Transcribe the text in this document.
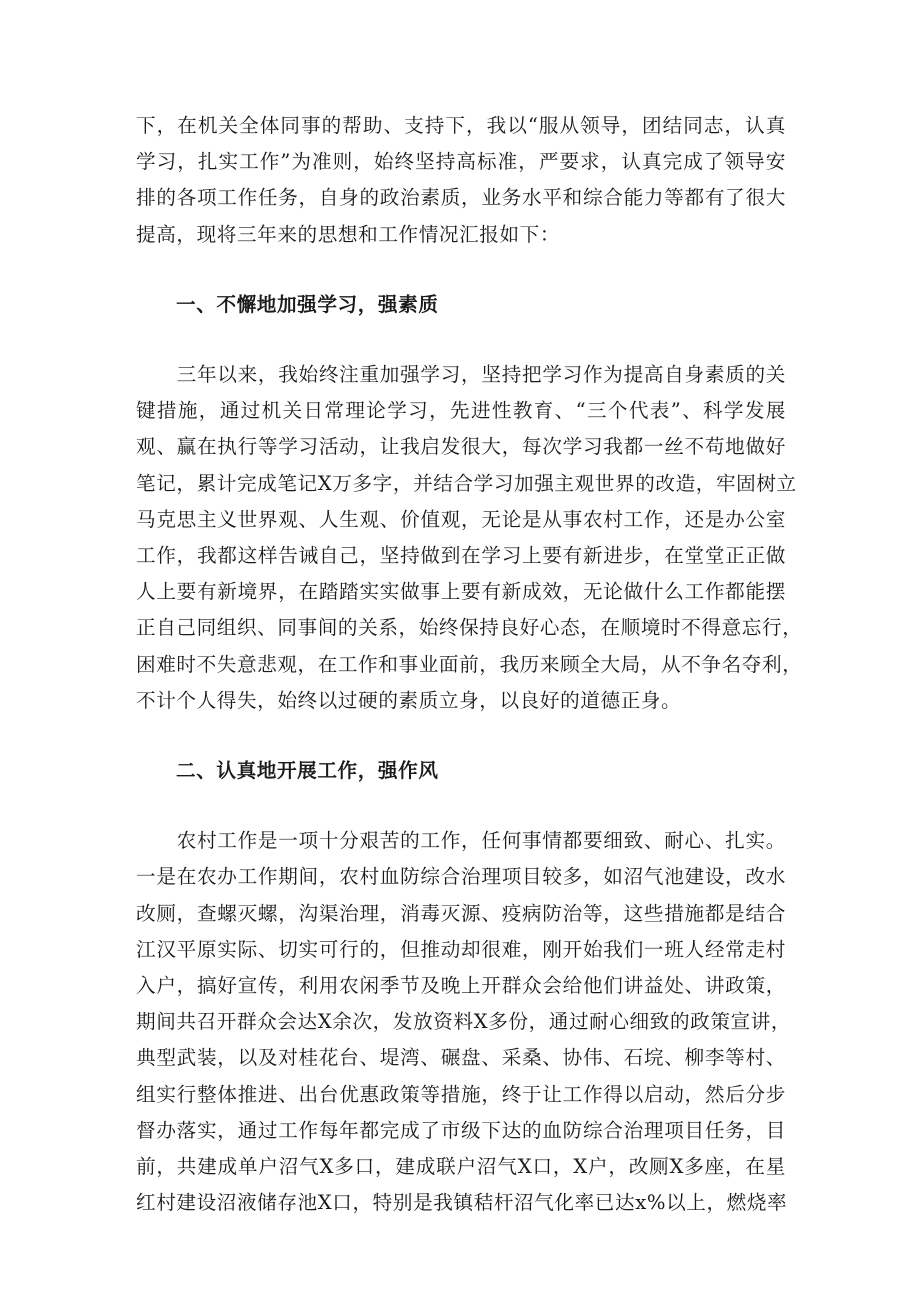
下，在机关全体同事的帮助、支持下，我以“服从领导，团结同志，认真
学习，扎实工作”为准则，始终坚持高标准，严要求，认真完成了领导安
排的各项工作任务，自身的政治素质，业务水平和综合能力等都有了很大
提高，现将三年来的思想和工作情况汇报如下：

一、不懈地加强学习，强素质

　　三年以来，我始终注重加强学习，坚持把学习作为提高自身素质的关
键措施，通过机关日常理论学习，先进性教育、“三个代表”、科学发展
观、赢在执行等学习活动，让我启发很大，每次学习我都一丝不苟地做好
笔记，累计完成笔记X万多字，并结合学习加强主观世界的改造，牢固树立
马克思主义世界观、人生观、价值观，无论是从事农村工作，还是办公室
工作，我都这样告诫自己，坚持做到在学习上要有新进步，在堂堂正正做
人上要有新境界，在踏踏实实做事上要有新成效，无论做什么工作都能摆
正自己同组织、同事间的关系，始终保持良好心态，在顺境时不得意忘行，
困难时不失意悲观，在工作和事业面前，我历来顾全大局，从不争名夺利，
不计个人得失，始终以过硬的素质立身，以良好的道德正身。

二、认真地开展工作，强作风

　　农村工作是一项十分艰苦的工作，任何事情都要细致、耐心、扎实。
一是在农办工作期间，农村血防综合治理项目较多，如沼气池建设，改水
改厕，查螺灭螺，沟渠治理，消毒灭源、疫病防治等，这些措施都是结合
江汉平原实际、切实可行的，但推动却很难，刚开始我们一班人经常走村
入户，搞好宣传，利用农闲季节及晚上开群众会给他们讲益处、讲政策，
期间共召开群众会达X余次，发放资料X多份，通过耐心细致的政策宣讲，
典型武装，以及对桂花台、堤湾、碾盘、采桑、协伟、石垸、柳李等村、
组实行整体推进、出台优惠政策等措施，终于让工作得以启动，然后分步
督办落实，通过工作每年都完成了市级下达的血防综合治理项目任务，目
前，共建成单户沼气X多口，建成联户沼气X口，X户，改厕X多座，在星
红村建设沼液储存池X口，特别是我镇秸杆沼气化率已达x%以上，燃烧率
